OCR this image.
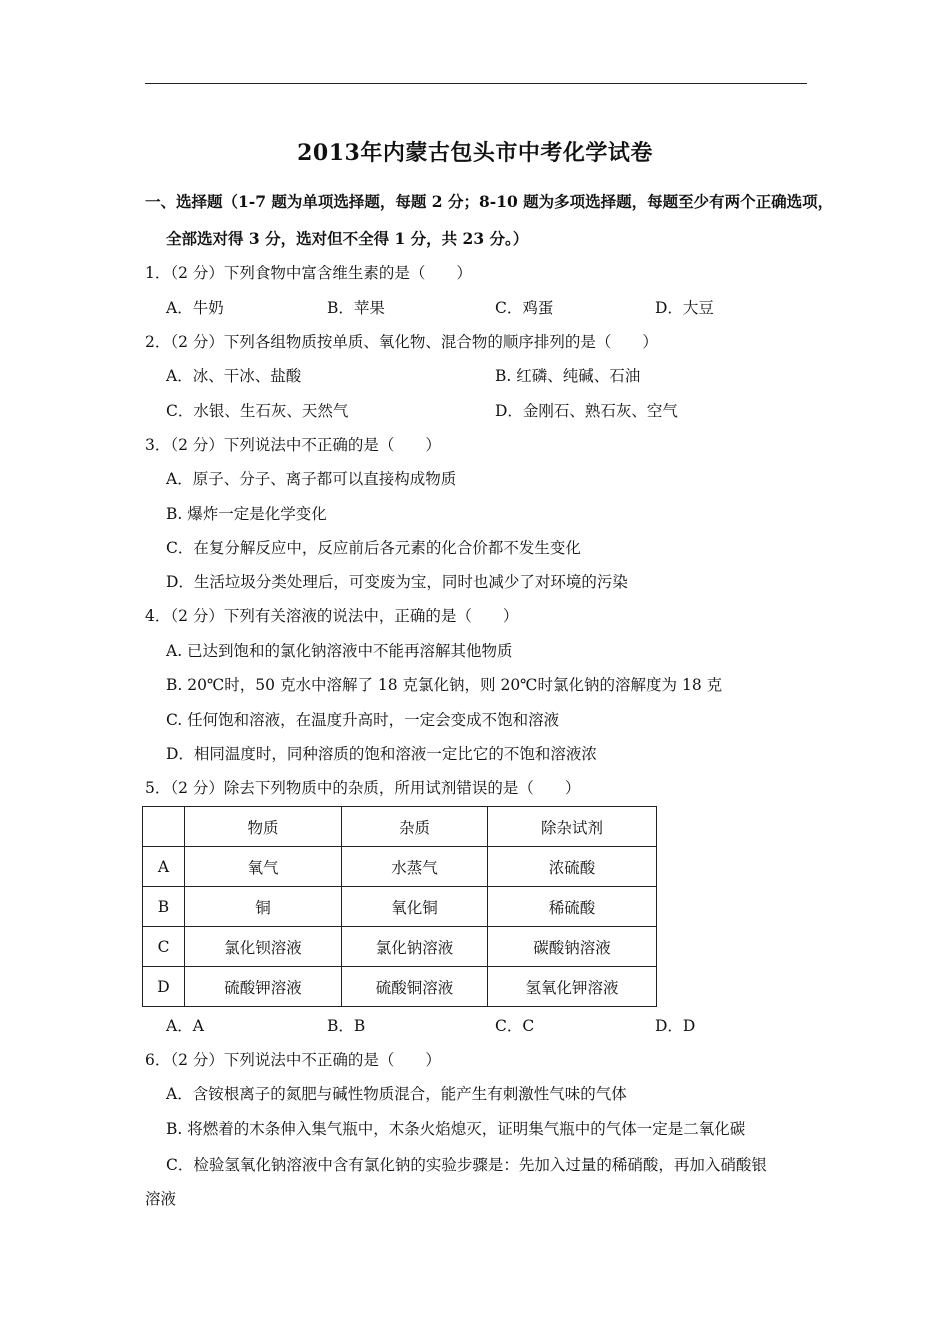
2013年内蒙古包头市中考化学试卷
一、选择题（1-7 题为单项选择题，每题 2 分；8-10 题为多项选择题，每题至少有两个正确选项，
全部选对得 3 分，选对但不全得 1 分，共 23 分。）
1．（2 分）下列食物中富含维生素的是（　　）
A．牛奶	B．苹果	C．鸡蛋	D．大豆
2．（2 分）下列各组物质按单质、氧化物、混合物的顺序排列的是（　　）
A．冰、干冰、盐酸	B. 红磷、纯碱、石油
C．水银、生石灰、天然气	D．金刚石、熟石灰、空气
3．（2 分）下列说法中不正确的是（　　）
A．原子、分子、离子都可以直接构成物质
B. 爆炸一定是化学变化
C．在复分解反应中，反应前后各元素的化合价都不发生变化
D．生活垃圾分类处理后，可变废为宝，同时也减少了对环境的污染
4．（2 分）下列有关溶液的说法中，正确的是（　　）
A. 已达到饱和的氯化钠溶液中不能再溶解其他物质
B. 20℃时，50 克水中溶解了 18 克氯化钠，则 20℃时氯化钠的溶解度为 18 克
C. 任何饱和溶液，在温度升高时，一定会变成不饱和溶液
D．相同温度时，同种溶质的饱和溶液一定比它的不饱和溶液浓
5．（2 分）除去下列物质中的杂质，所用试剂错误的是（　　）
	物质	杂质	除杂试剂
A	氧气	水蒸气	浓硫酸
B	铜	氧化铜	稀硫酸
C	氯化钡溶液	氯化钠溶液	碳酸钠溶液
D	硫酸钾溶液	硫酸铜溶液	氢氧化钾溶液
A．A	B．B	C．C	D．D
6．（2 分）下列说法中不正确的是（　　）
A．含铵根离子的氮肥与碱性物质混合，能产生有刺激性气味的气体
B. 将燃着的木条伸入集气瓶中，木条火焰熄灭，证明集气瓶中的气体一定是二氧化碳
C．检验氢氧化钠溶液中含有氯化钠的实验步骤是：先加入过量的稀硝酸，再加入硝酸银
溶液
